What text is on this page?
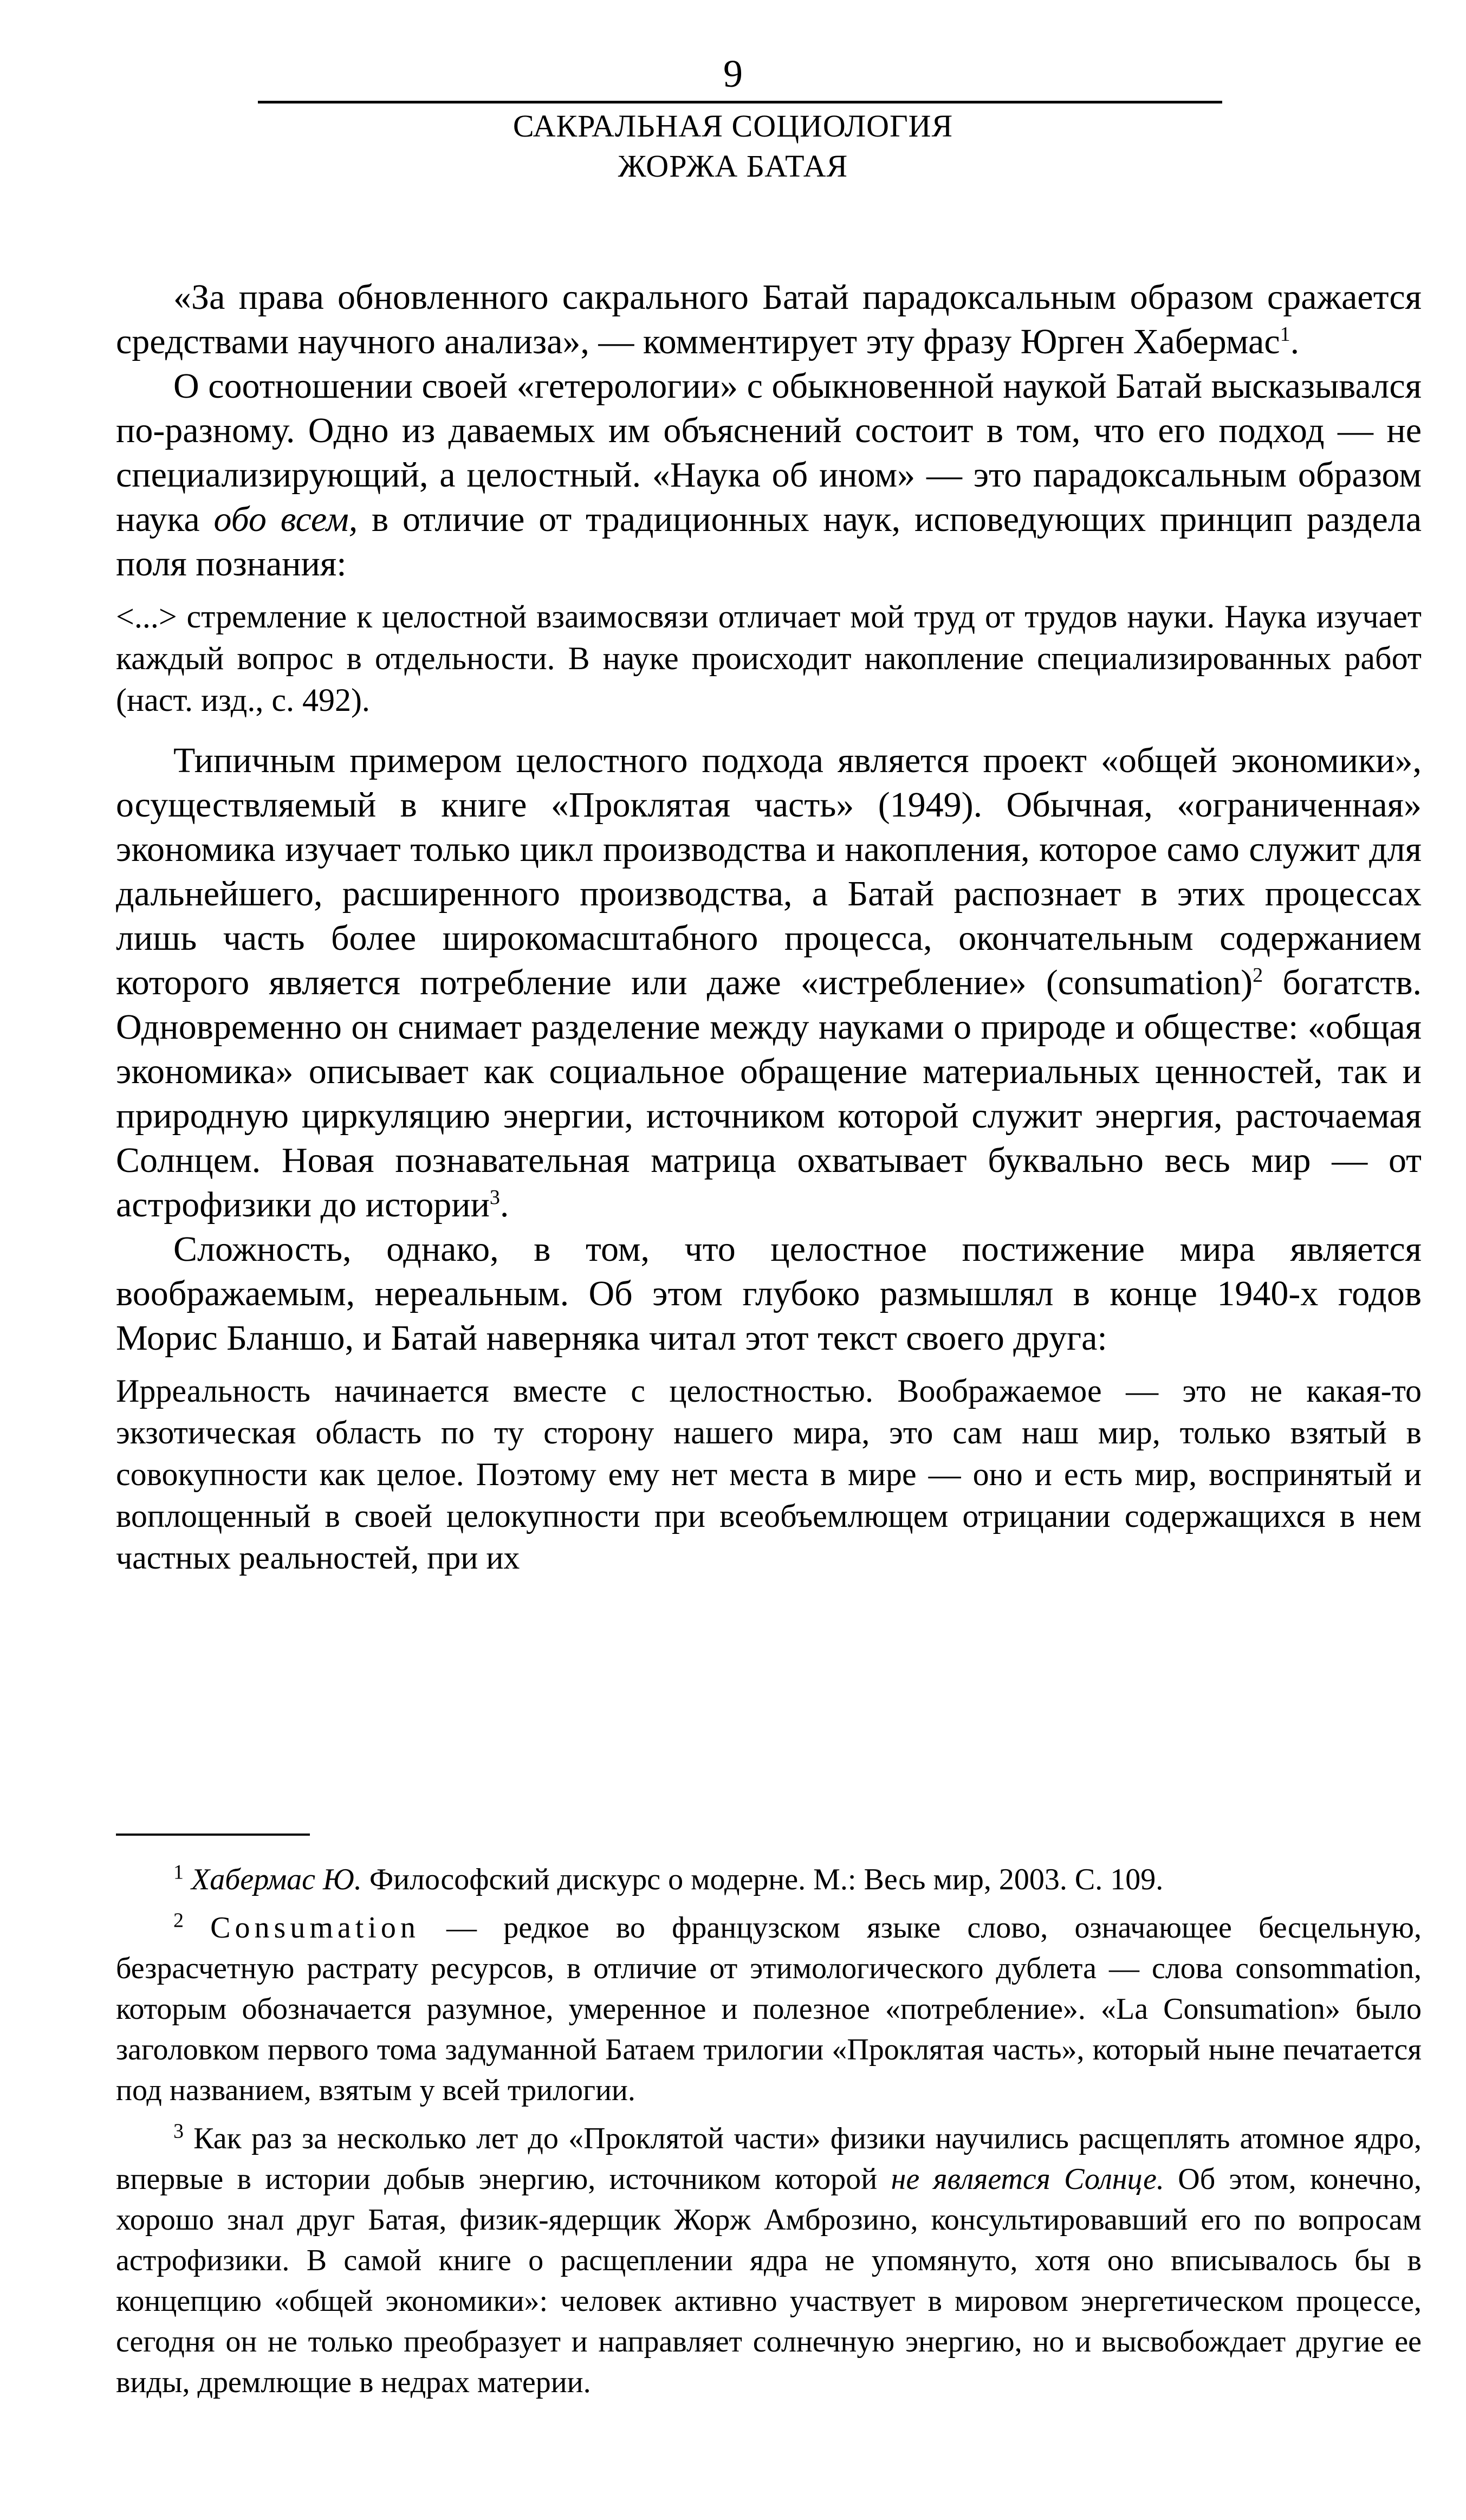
9
САКРАЛЬНАЯ СОЦИОЛОГИЯ
ЖОРЖА БАТАЯ

«За права обновленного сакрального Батай парадоксальным образом сражается средствами научного анализа», — комментирует эту фразу Юрген Хабермас$^1$.

О соотношении своей «гетерологии» с обыкновенной наукой Батай высказывался по-разному. Одно из даваемых им объяснений состоит в том, что его подход — не специализирующий, а целостный. «Наука об ином» — это парадоксальным образом наука обо всем, в отличие от традиционных наук, исповедующих принцип раздела поля познания:

<...> стремление к целостной взаимосвязи отличает мой труд от трудов науки. Наука изучает каждый вопрос в отдельности. В науке происходит накопление специализированных работ (наст. изд., с. 492).

Типичным примером целостного подхода является проект «общей экономики», осуществляемый в книге «Проклятая часть» (1949). Обычная, «ограниченная» экономика изучает только цикл производства и накопления, которое само служит для дальнейшего, расширенного производства, а Батай распознает в этих процессах лишь часть более широкомасштабного процесса, окончательным содержанием которого является потребление или даже «истребление» (consumation)$^2$ богатств. Одновременно он снимает разделение между науками о природе и обществе: «общая экономика» описывает как социальное обращение материальных ценностей, так и природную циркуляцию энергии, источником которой служит энергия, расточаемая Солнцем. Новая познавательная матрица охватывает буквально весь мир — от астрофизики до истории$^3$.

Сложность, однако, в том, что целостное постижение мира является воображаемым, нереальным. Об этом глубоко размышлял в конце 1940-х годов Морис Бланшо, и Батай наверняка читал этот текст своего друга:

Ирреальность начинается вместе с целостностью. Воображаемое — это не какая-то экзотическая область по ту сторону нашего мира, это сам наш мир, только взятый в совокупности как целое. Поэтому ему нет места в мире — оно и есть мир, воспринятый и воплощенный в своей целокупности при всеобъемлющем отрицании содержащихся в нем частных реальностей, при их

$^1$ Хабермас Ю. Философский дискурс о модерне. М.: Весь мир, 2003. С. 109.

$^2$ Consumation — редкое во французском языке слово, означающее бесцельную, безрасчетную растрату ресурсов, в отличие от этимологического дублета — слова consommation, которым обозначается разумное, умеренное и полезное «потребление». «La Consumation» было заголовком первого тома задуманной Батаем трилогии «Проклятая часть», который ныне печатается под названием, взятым у всей трилогии.

$^3$ Как раз за несколько лет до «Проклятой части» физики научились расщеплять атомное ядро, впервые в истории добыв энергию, источником которой не является Солнце. Об этом, конечно, хорошо знал друг Батая, физик-ядерщик Жорж Амброзино, консультировавший его по вопросам астрофизики. В самой книге о расщеплении ядра не упомянуто, хотя оно вписывалось бы в концепцию «общей экономики»: человек активно участвует в мировом энергетическом процессе, сегодня он не только преобразует и направляет солнечную энергию, но и высвобождает другие ее виды, дремлющие в недрах материи.
